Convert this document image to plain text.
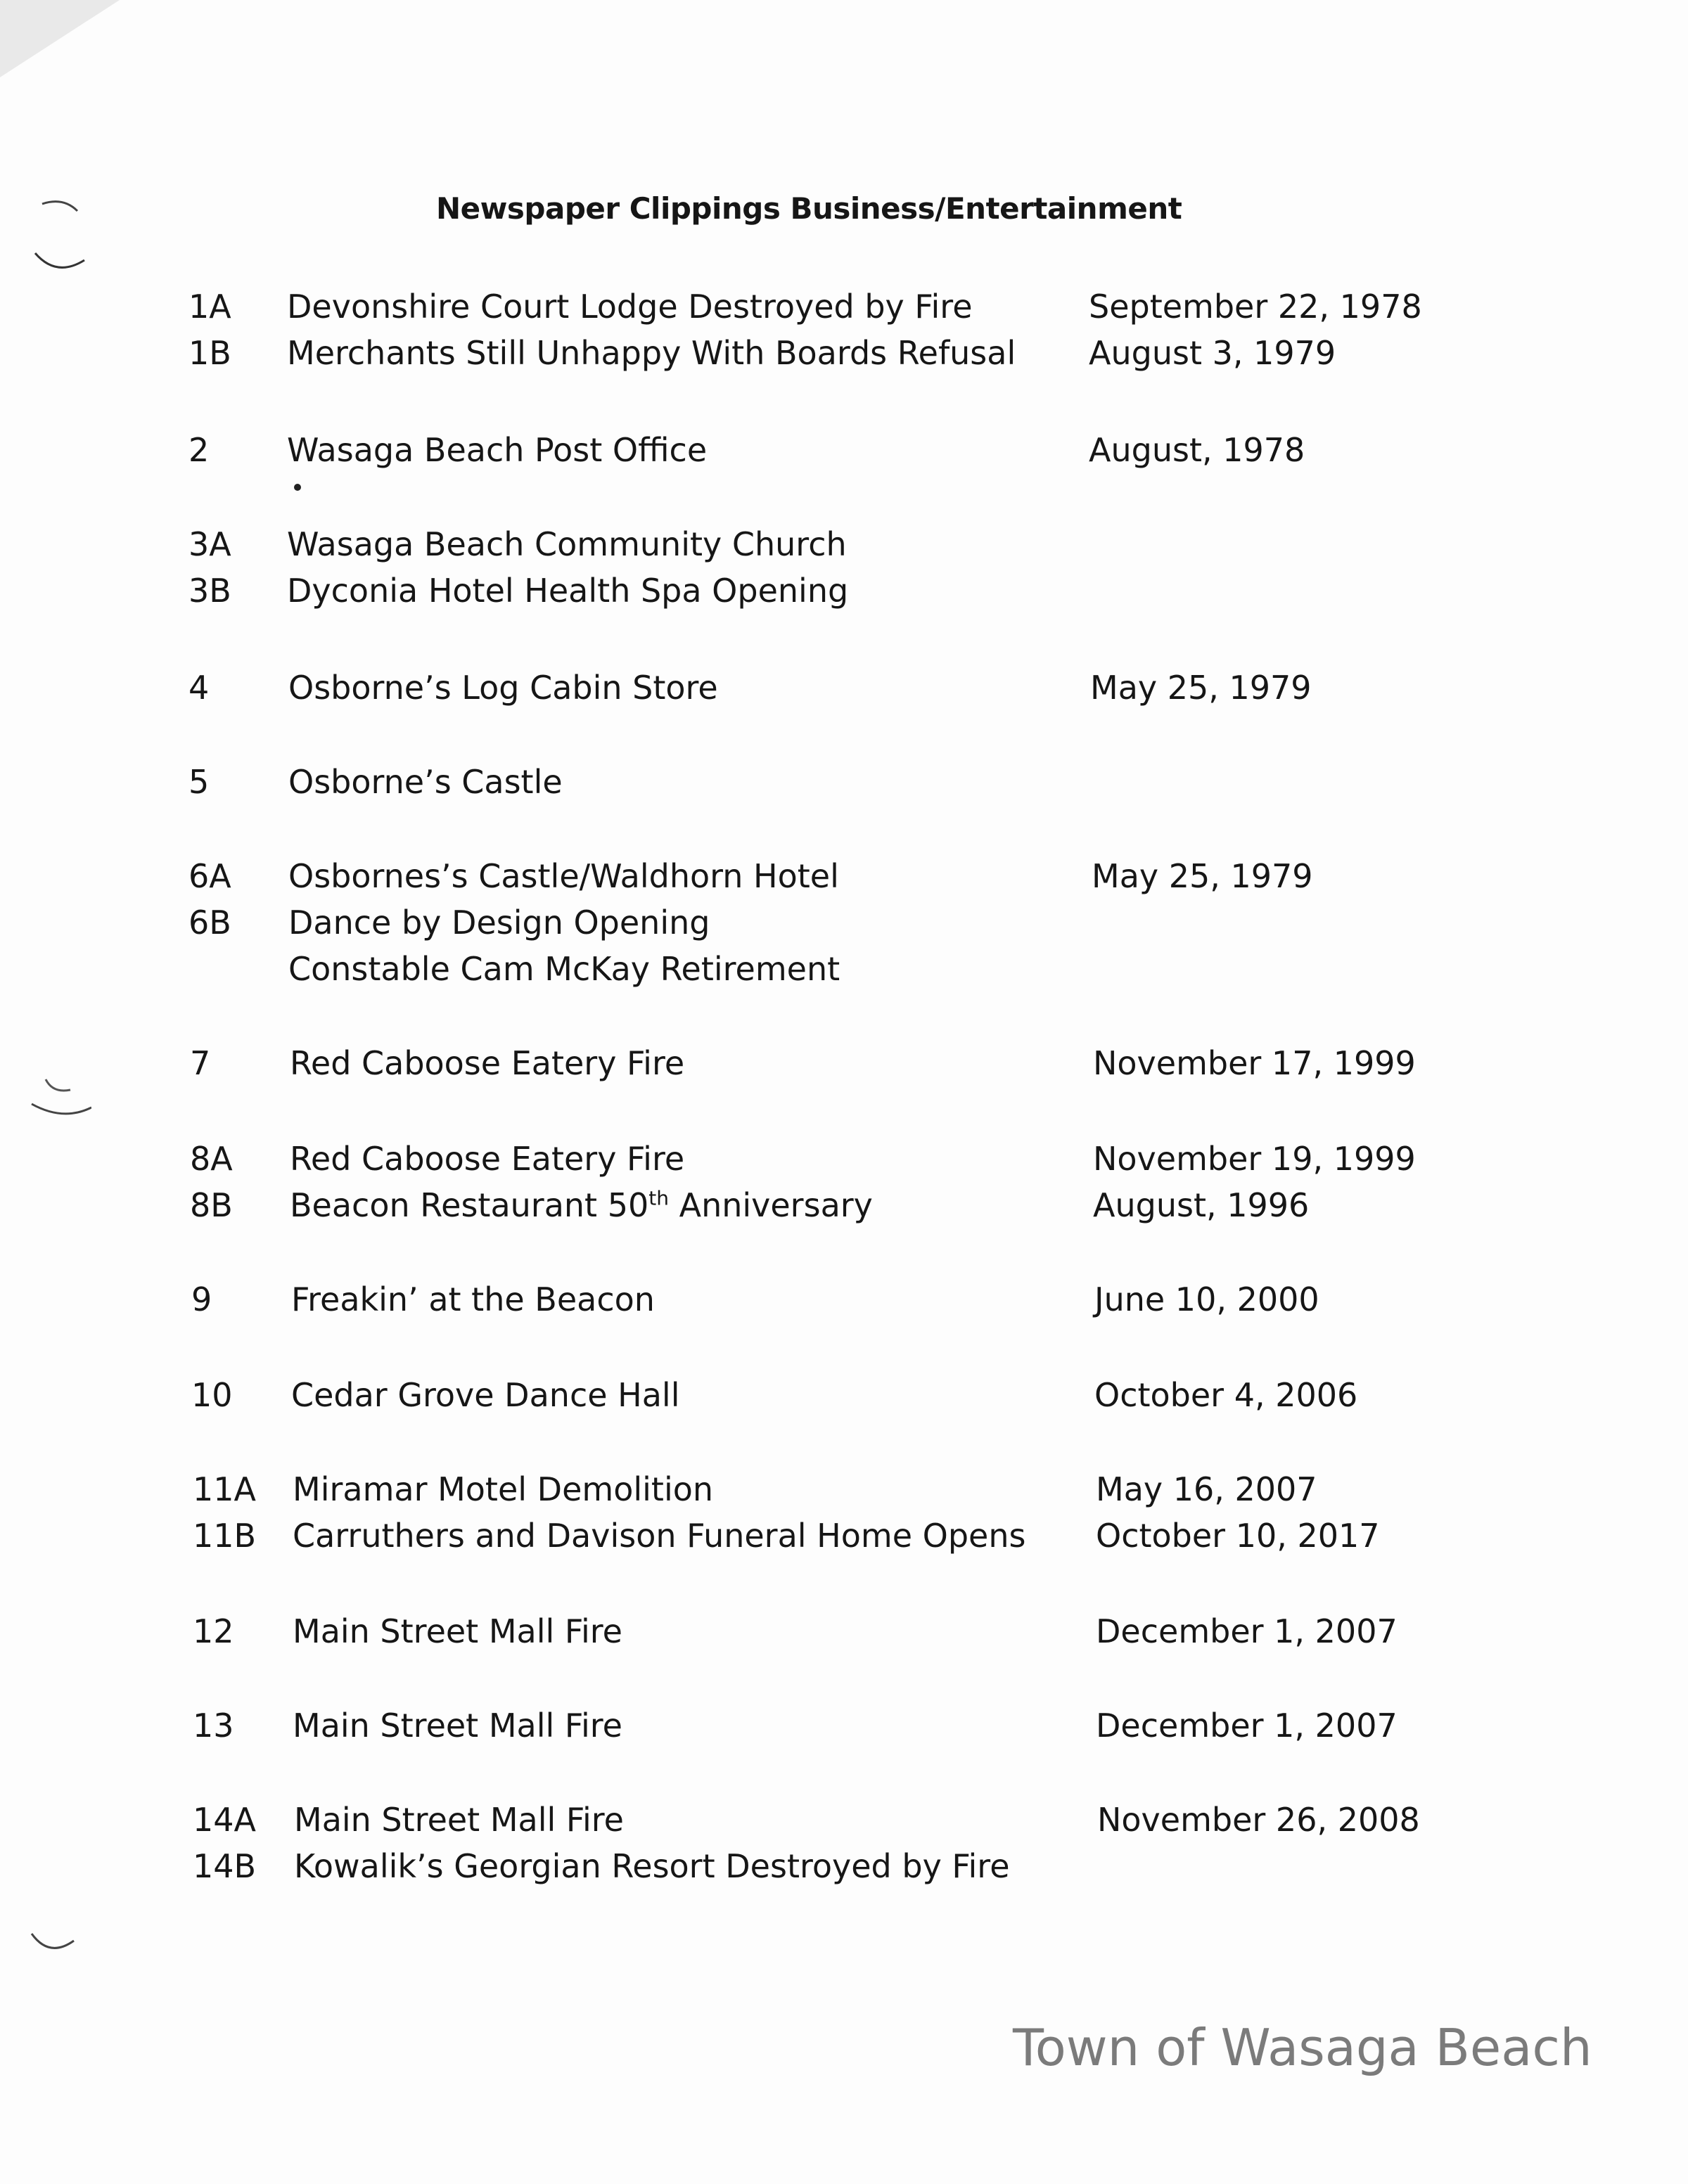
Newspaper Clippings Business/Entertainment
1A Devonshire Court Lodge Destroyed by Fire	September 22, 1978
1B Merchants Still Unhappy With Boards Refusal August 3, 1979
2 Wasaga Beach Post Office	August, 1978
3A Wasaga Beach Community Church
3B Dyconia Hotel Health Spa Opening
4 Osborne’s Log Cabin Store	May 25, 1979
5 Osborne’s Castle
6A Osbornes’s Castle/Waldhorn Hotel	May 25, 1979
6B Dance by Design Opening
Constable Cam McKay Retirement
7 Red Caboose Eatery Fire	November 17, 1999
8A Red Caboose Eatery Fire	November 19, 1999
8B Beacon Restaurant 50th Anniversary	August, 1996
9 Freakin’ at the Beacon	June 10, 2000
10 Cedar Grove Dance Hall	October 4, 2006
11A Miramar Motel Demolition	May 16, 2007
11B Carruthers and Davison Funeral Home Opens October 10, 2017
12 Main Street Mall Fire	December 1, 2007
13 Main Street Mall Fire	December 1, 2007
14A Main Street Mall Fire	November 26, 2008
14B Kowalik’s Georgian Resort Destroyed by Fire
Town of Wasaga Beach
